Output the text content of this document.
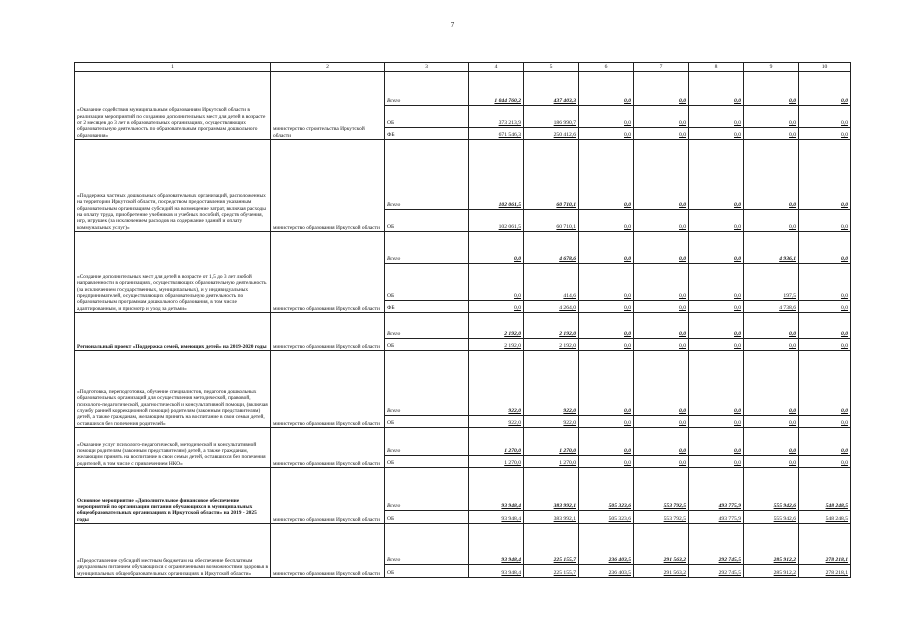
7
1	2	3	4	5	6	7	8	9	10
«Оказание содействия муниципальным образованиям Иркутской области в реализации мероприятий по созданию дополнительных мест для детей в возрасте от 2 месяцев до 3 лет в образовательных организациях, осуществляющих образовательную деятельность по образовательным программам дошкольного образования»	министерство строительства Иркутской области	Всего	1 044 760,2	437 403,3	0,0	0,0	0,0	0,0	0,0
		ОБ	373 213,9	186 990,7	0,0	0,0	0,0	0,0	0,0
		ФБ	671 546,3	250 412,6	0,0	0,0	0,0	0,0	0,0
«Поддержка частных дошкольных образовательных организаций, расположенных на территории Иркутской области, посредством предоставления указанным образовательным организациям субсидий на возмещение затрат, включая расходы на оплату труда, приобретение учебников и учебных пособий, средств обучения, игр, игрушек (за исключением расходов на содержание зданий и оплату коммунальных услуг)»	министерство образования Иркутской области	Всего	102 061,5	60 710,1	0,0	0,0	0,0	0,0	0,0
		ОБ	102 061,5	60 710,1	0,0	0,0	0,0	0,0	0,0
«Создание дополнительных мест для детей в возрасте от 1,5 до 3 лет любой направленности в организациях, осуществляющих образовательную деятельность (за исключением государственных, муниципальных), и у индивидуальных предпринимателей, осуществляющих образовательную деятельность по образовательным программам дошкольного образования, в том числе адаптированным, и присмотр и уход за детьми»	министерство образования Иркутской области	Всего	0,0	4 678,6	0,0	0,0	0,0	4 936,1	0,0
		ОБ	0,0	414,6	0,0	0,0	0,0	197,5	0,0
		ФБ	0,0	4 264,0	0,0	0,0	0,0	4 738,6	0,0
Региональный проект «Поддержка семей, имеющих детей» на 2019-2020 годы	министерство образования Иркутской области	Всего	2 192,0	2 192,0	0,0	0,0	0,0	0,0	0,0
		ОБ	2 192,0	2 192,0	0,0	0,0	0,0	0,0	0,0
«Подготовка, переподготовка, обучение специалистов, педагогов дошкольных образовательных организаций для осуществления методической, правовой, психолого-педагогической, диагностической и консультативной помощи, (включая службу ранней коррекционной помощи) родителям (законным представителям) детей, а также гражданам, желающим принять на воспитание в свои семьи детей, оставшихся без попечения родителей»	министерство образования Иркутской области	Всего	922,0	922,0	0,0	0,0	0,0	0,0	0,0
		ОБ	922,0	922,0	0,0	0,0	0,0	0,0	0,0
«Оказание услуг психолого-педагогической, методической и консультативной помощи родителям (законным представителям) детей, а также гражданам, желающим принять на воспитание в свои семьи детей, оставшихся без попечения родителей, в том числе с привлечением НКО»	министерство образования Иркутской области	Всего	1 270,0	1 270,0	0,0	0,0	0,0	0,0	0,0
		ОБ	1 270,0	1 270,0	0,0	0,0	0,0	0,0	0,0
Основное мероприятие «Дополнительное финансовое обеспечение мероприятий по организации питания обучающихся в муниципальных общеобразовательных организациях в Иркутской области» на 2019 - 2025 годы	министерство образования Иркутской области	Всего	93 948,4	383 992,1	505 323,6	553 792,5	493 775,9	555 942,6	548 248,5
		ОБ	93 948,4	383 992,1	505 323,6	553 792,5	493 775,9	555 942,6	548 248,5
«Предоставление субсидий местным бюджетам на обеспечение бесплатным двухразовым питанием обучающихся с ограниченными возможностями здоровья в муниципальных общеобразовательных организациях в Иркутской области»	министерство образования Иркутской области	Всего	93 948,4	225 155,7	236 403,5	291 563,2	292 745,5	285 912,2	278 218,1
		ОБ	93 948,4	225 155,7	236 403,5	291 563,2	292 745,5	285 912,2	278 218,1
